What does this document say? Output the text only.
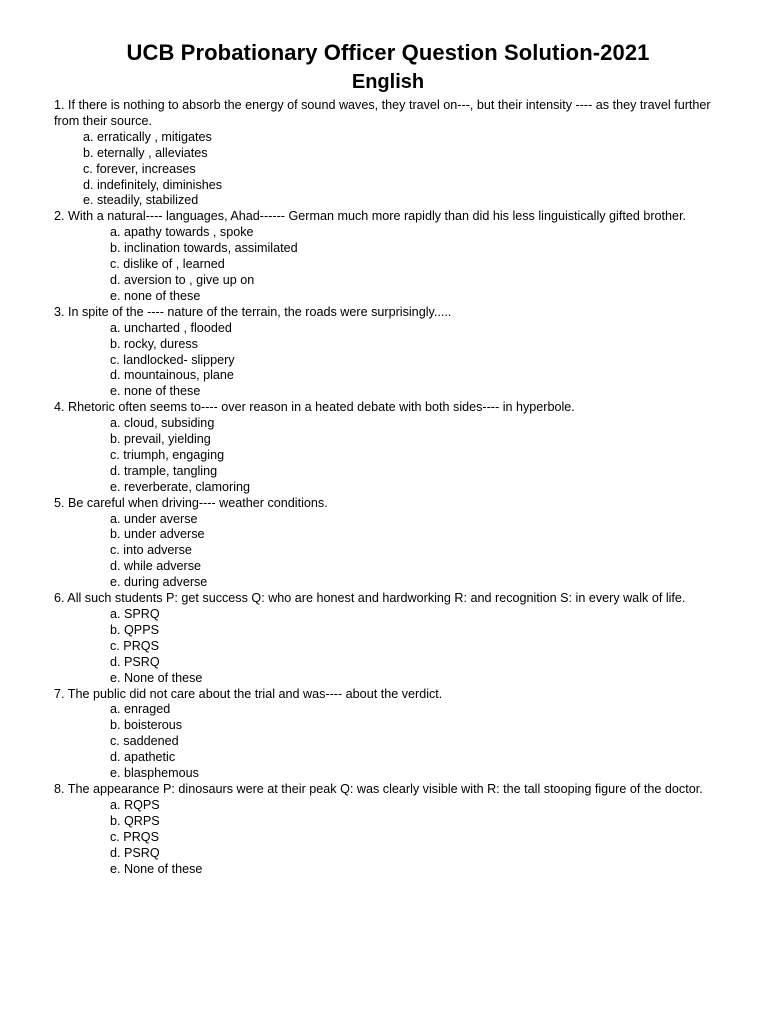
UCB Probationary Officer Question Solution-2021
English
1. If there is nothing to absorb the energy of sound waves, they travel on---, but their intensity ---- as they travel further from their source.
a. erratically , mitigates
b. eternally , alleviates
c. forever, increases
d. indefinitely, diminishes
e. steadily, stabilized
2. With a natural---- languages, Ahad------ German much more rapidly than did his less linguistically gifted brother.
a. apathy towards , spoke
b. inclination towards, assimilated
c. dislike of , learned
d. aversion to , give up on
e. none of these
3. In spite of the ---- nature of the terrain, the roads were surprisingly.....
a. uncharted , flooded
b. rocky, duress
c. landlocked- slippery
d. mountainous, plane
e. none of these
4. Rhetoric often seems to---- over reason in a heated debate with both sides---- in hyperbole.
a. cloud, subsiding
b. prevail, yielding
c. triumph, engaging
d. trample, tangling
e. reverberate, clamoring
5. Be careful when driving---- weather conditions.
a. under averse
b. under adverse
c. into adverse
d. while adverse
e. during adverse
6. All such students P: get success Q: who are honest and hardworking R: and recognition S: in every walk of life.
a. SPRQ
b. QPPS
c. PRQS
d. PSRQ
e. None of these
7. The public did not care about the trial and was---- about the verdict.
a. enraged
b. boisterous
c. saddened
d. apathetic
e. blasphemous
8. The appearance P: dinosaurs were at their peak Q: was clearly visible with R: the tall stooping figure of the doctor.
a. RQPS
b. QRPS
c. PRQS
d. PSRQ
e. None of these
